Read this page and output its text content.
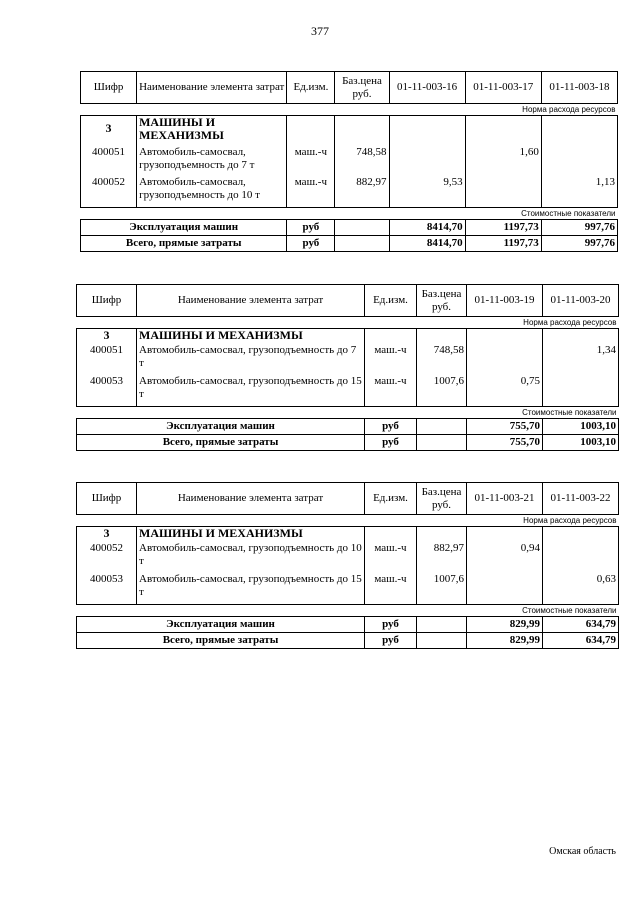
377
Шифр	Наименование элемента затрат	Ед.изм.	Баз.цена руб.	01-11-003-16	01-11-003-17	01-11-003-18
Норма расхода ресурсов						
3	МАШИНЫ И МЕХАНИЗМЫ					
400051	Автомобиль-самосвал, грузоподъемность до 7 т	маш.-ч	748,58		1,60	
400052	Автомобиль-самосвал, грузоподъемность до 10 т	маш.-ч	882,97	9,53		1,13
Стоимостные показатели						
Эксплуатация машин		руб		8414,70	1197,73	997,76
Всего, прямые затраты		руб		8414,70	1197,73	997,76
Шифр	Наименование элемента затрат	Ед.изм.	Баз.цена руб.	01-11-003-19	01-11-003-20
Норма расхода ресурсов					
3	МАШИНЫ И МЕХАНИЗМЫ				
400051	Автомобиль-самосвал, грузоподъемность до 7 т	маш.-ч	748,58		1,34
400053	Автомобиль-самосвал, грузоподъемность до 15 т	маш.-ч	1007,6	0,75	
Стоимостные показатели					
Эксплуатация машин		руб		755,70	1003,10
Всего, прямые затраты		руб		755,70	1003,10
Шифр	Наименование элемента затрат	Ед.изм.	Баз.цена руб.	01-11-003-21	01-11-003-22
Норма расхода ресурсов					
3	МАШИНЫ И МЕХАНИЗМЫ				
400052	Автомобиль-самосвал, грузоподъемность до 10 т	маш.-ч	882,97	0,94	
400053	Автомобиль-самосвал, грузоподъемность до 15 т	маш.-ч	1007,6		0,63
Стоимостные показатели					
Эксплуатация машин		руб		829,99	634,79
Всего, прямые затраты		руб		829,99	634,79
Омская область
